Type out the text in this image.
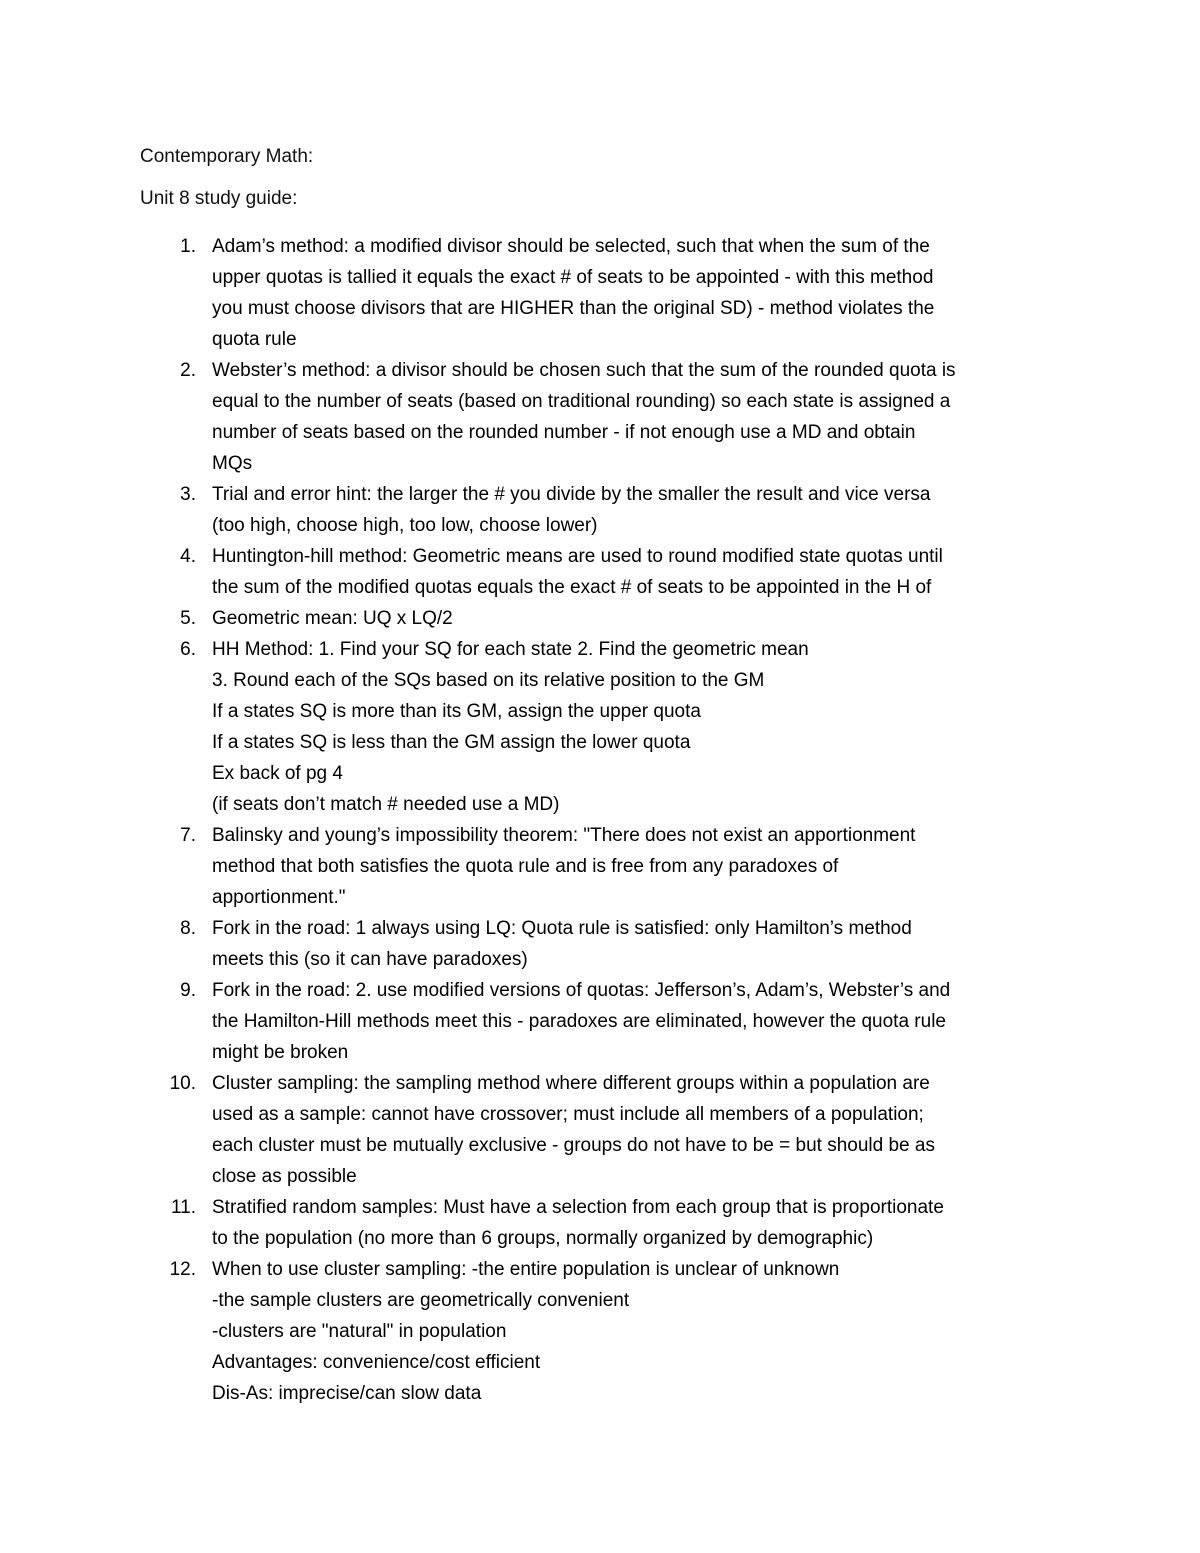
Contemporary Math:
Unit 8 study guide:
1. Adam’s method: a modified divisor should be selected, such that when the sum of the
upper quotas is tallied it equals the exact # of seats to be appointed - with this method
you must choose divisors that are HIGHER than the original SD) - method violates the
quota rule
2. Webster’s method: a divisor should be chosen such that the sum of the rounded quota is
equal to the number of seats (based on traditional rounding) so each state is assigned a
number of seats based on the rounded number - if not enough use a MD and obtain
MQs
3. Trial and error hint: the larger the # you divide by the smaller the result and vice versa
(too high, choose high, too low, choose lower)
4. Huntington-hill method: Geometric means are used to round modified state quotas until
the sum of the modified quotas equals the exact # of seats to be appointed in the H of
5. Geometric mean: UQ x LQ/2
6. HH Method: 1. Find your SQ for each state 2. Find the geometric mean
3. Round each of the SQs based on its relative position to the GM
If a states SQ is more than its GM, assign the upper quota
If a states SQ is less than the GM assign the lower quota
Ex back of pg 4
(if seats don’t match # needed use a MD)
7. Balinsky and young’s impossibility theorem: "There does not exist an apportionment
method that both satisfies the quota rule and is free from any paradoxes of
apportionment."
8. Fork in the road: 1 always using LQ: Quota rule is satisfied: only Hamilton’s method
meets this (so it can have paradoxes)
9. Fork in the road: 2. use modified versions of quotas: Jefferson’s, Adam’s, Webster’s and
the Hamilton-Hill methods meet this - paradoxes are eliminated, however the quota rule
might be broken
10. Cluster sampling: the sampling method where different groups within a population are
used as a sample: cannot have crossover; must include all members of a population;
each cluster must be mutually exclusive - groups do not have to be = but should be as
close as possible
11. Stratified random samples: Must have a selection from each group that is proportionate
to the population (no more than 6 groups, normally organized by demographic)
12. When to use cluster sampling: -the entire population is unclear of unknown
-the sample clusters are geometrically convenient
-clusters are "natural" in population
Advantages: convenience/cost efficient
Dis-As: imprecise/can slow data
